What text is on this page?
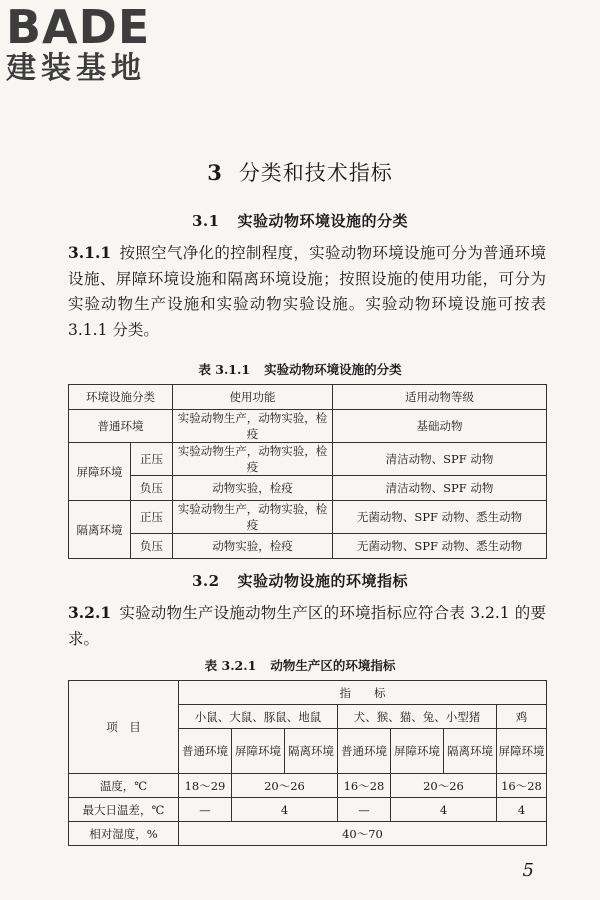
BADE
建装基地
3 分类和技术指标
3.1 实验动物环境设施的分类

3.1.1 按照空气净化的控制程度，实验动物环境设施可分为普通环境设施、屏障环境设施和隔离环境设施；按照设施的使用功能，可分为实验动物生产设施和实验动物实验设施。实验动物环境设施可按表 3.1.1 分类。

表 3.1.1 实验动物环境设施的分类
环境设施分类		使用功能	适用动物等级
普通环境		实验动物生产，动物实验，检疫	基础动物
屏障环境	正压	实验动物生产，动物实验，检疫	清洁动物、SPF 动物
	负压	动物实验，检疫	清洁动物、SPF 动物
隔离环境	正压	实验动物生产，动物实验，检疫	无菌动物、SPF 动物、悉生动物
	负压	动物实验，检疫	无菌动物、SPF 动物、悉生动物
3.2 实验动物设施的环境指标

3.2.1 实验动物生产设施动物生产区的环境指标应符合表 3.2.1 的要求。

表 3.2.1 动物生产区的环境指标
项　目	指　　标						
	小鼠、大鼠、豚鼠、地鼠			犬、猴、猫、兔、小型猪			鸡
	普通环境	屏障环境	隔离环境	普通环境	屏障环境	隔离环境	屏障环境
温度，℃	18～29	20～26		16～28	20～26		16～28
最大日温差，℃	—	4		—	4		4
相对湿度，%	40～70						
5
